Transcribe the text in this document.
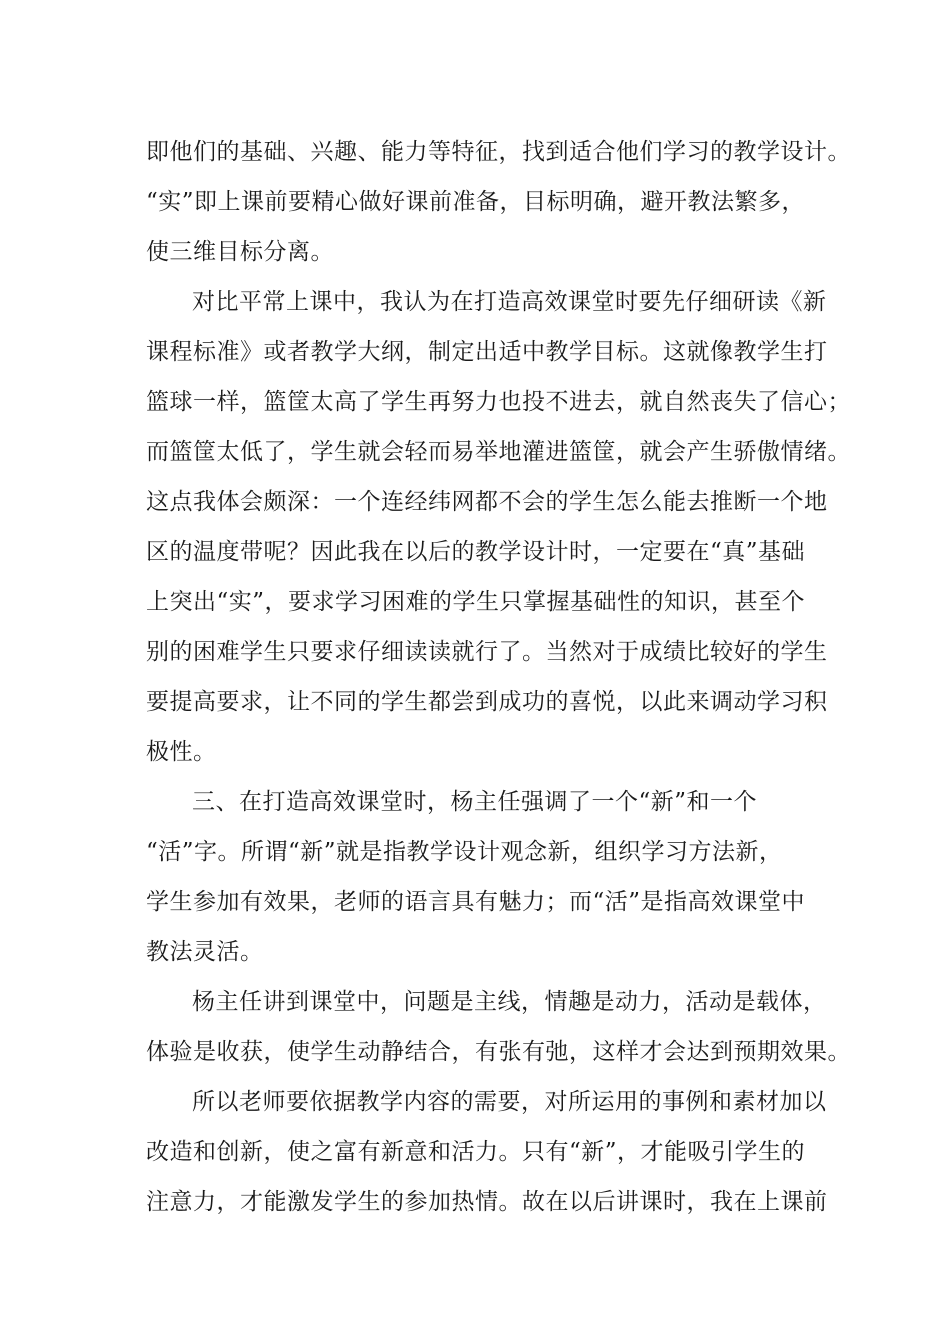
即他们的基础、兴趣、能力等特征，找到适合他们学习的教学设计。
“实”即上课前要精心做好课前准备，目标明确，避开教法繁多，
使三维目标分离。
对比平常上课中，我认为在打造高效课堂时要先仔细研读《新
课程标准》或者教学大纲，制定出适中教学目标。这就像教学生打
篮球一样，篮筐太高了学生再努力也投不进去，就自然丧失了信心；
而篮筐太低了，学生就会轻而易举地灌进篮筐，就会产生骄傲情绪。
这点我体会颇深：一个连经纬网都不会的学生怎么能去推断一个地
区的温度带呢？因此我在以后的教学设计时，一定要在“真”基础
上突出“实”，要求学习困难的学生只掌握基础性的知识，甚至个
别的困难学生只要求仔细读读就行了。当然对于成绩比较好的学生
要提高要求，让不同的学生都尝到成功的喜悦，以此来调动学习积
极性。
三、在打造高效课堂时，杨主任强调了一个“新”和一个
“活”字。所谓“新”就是指教学设计观念新，组织学习方法新，
学生参加有效果，老师的语言具有魅力；而“活”是指高效课堂中
教法灵活。
杨主任讲到课堂中，问题是主线，情趣是动力，活动是载体，
体验是收获，使学生动静结合，有张有弛，这样才会达到预期效果。
所以老师要依据教学内容的需要，对所运用的事例和素材加以
改造和创新，使之富有新意和活力。只有“新”，才能吸引学生的
注意力，才能激发学生的参加热情。故在以后讲课时，我在上课前
